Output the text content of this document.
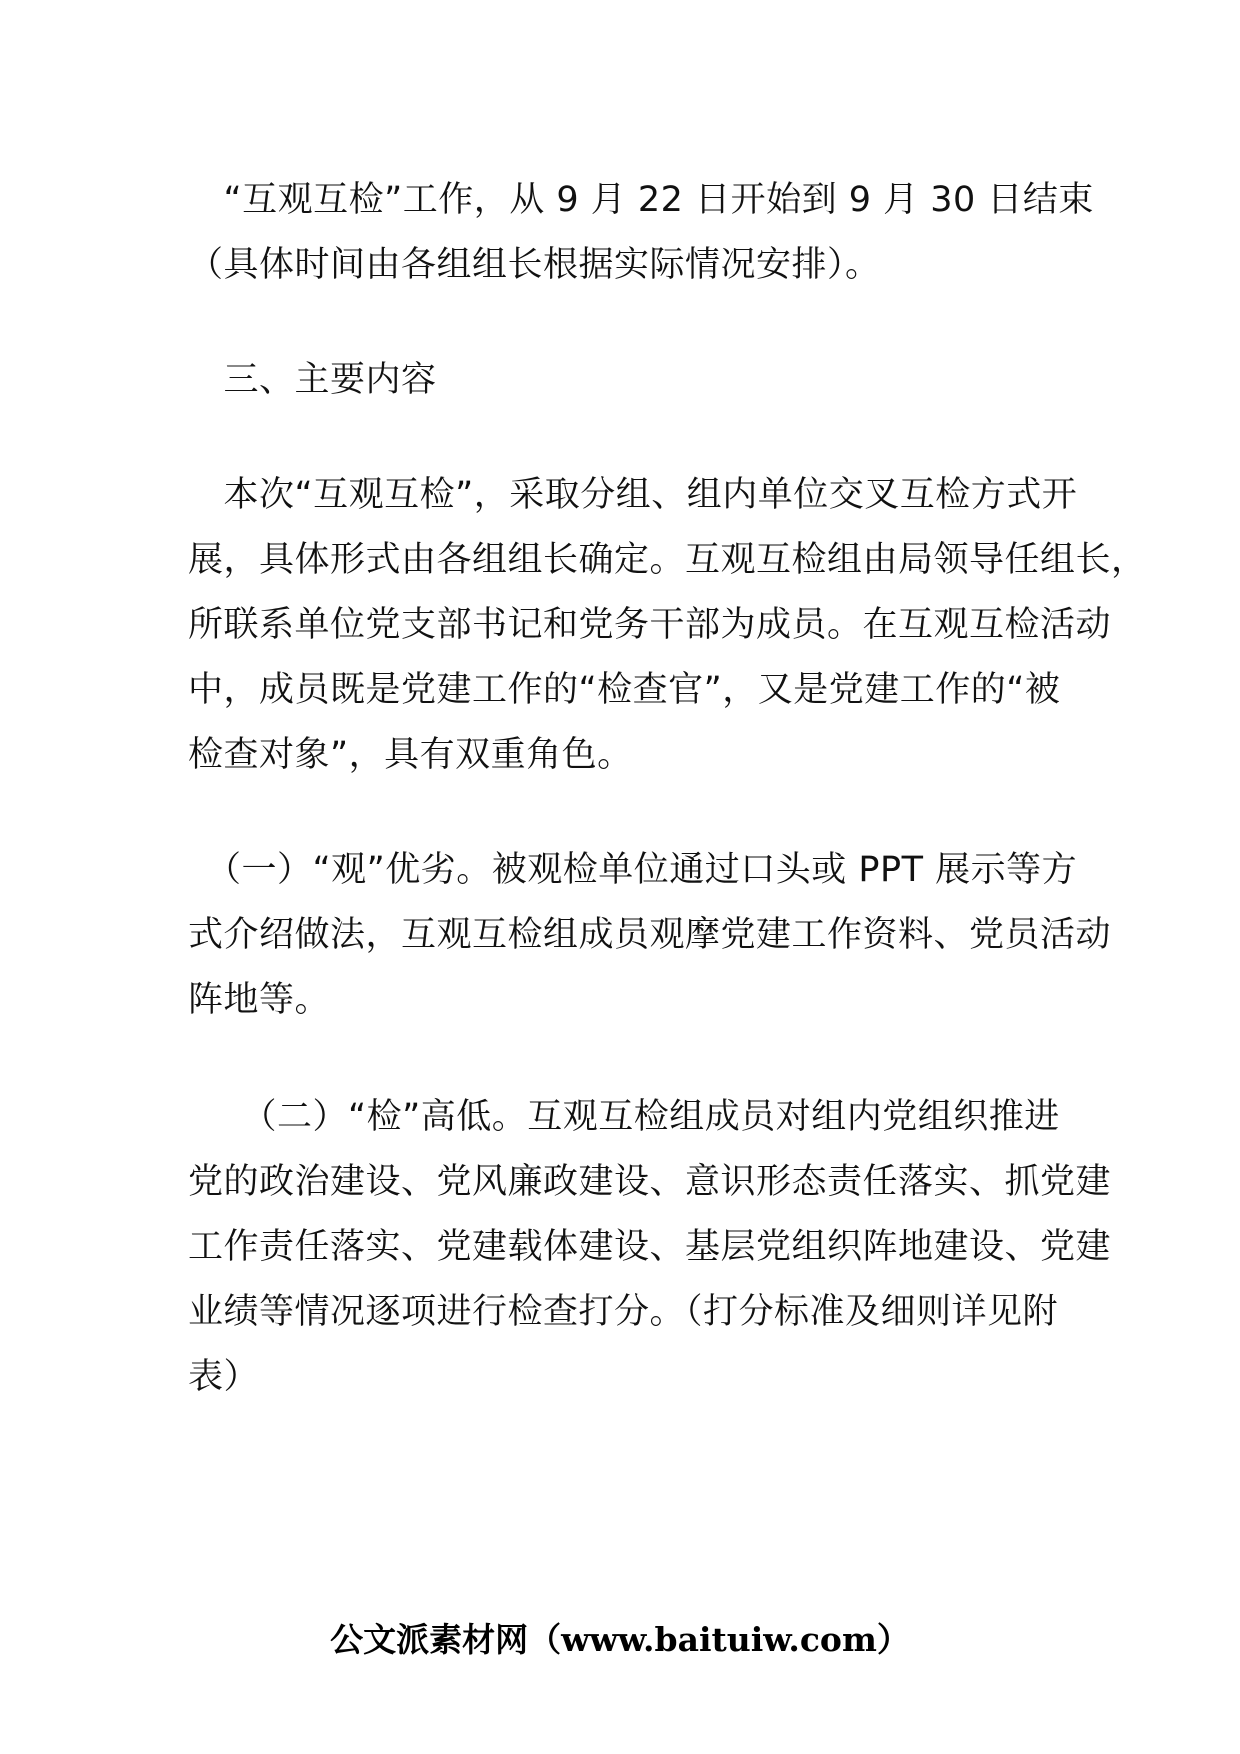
　“互观互检”工作，从 9 月 22 日开始到 9 月 30 日结束
（具体时间由各组组长根据实际情况安排）。

　三、主要内容

　本次“互观互检”，采取分组、组内单位交叉互检方式开
展，具体形式由各组组长确定。互观互检组由局领导任组长，
所联系单位党支部书记和党务干部为成员。在互观互检活动
中，成员既是党建工作的“检查官”，又是党建工作的“被
检查对象”，具有双重角色。

　（一）“观”优劣。被观检单位通过口头或 PPT 展示等方
式介绍做法，互观互检组成员观摩党建工作资料、党员活动
阵地等。

　　（二）“检”高低。互观互检组成员对组内党组织推进
党的政治建设、党风廉政建设、意识形态责任落实、抓党建
工作责任落实、党建载体建设、基层党组织阵地建设、党建
业绩等情况逐项进行检查打分。（打分标准及细则详见附
表）

公文派素材网（www.baituiw.com）
